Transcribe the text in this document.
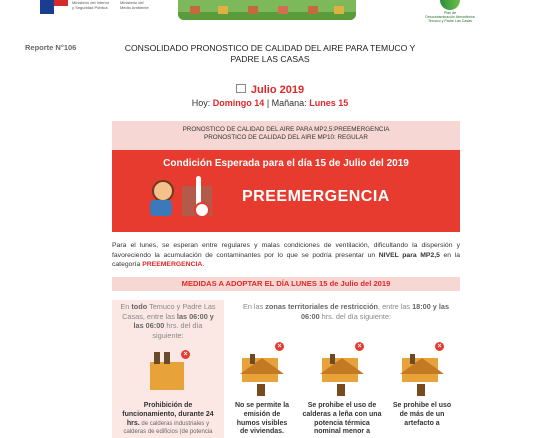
Ministerio del Interior
y Seguridad Pública
Ministerio del
Medio Ambiente
Plan de
Descontaminación Atmosférica
Temuco y Padre Las Casas
Reporte N°106	CONSOLIDADO PRONOSTICO DE CALIDAD DEL AIRE PARA TEMUCO Y PADRE LAS CASAS
Julio 2019
Hoy: Domingo 14 | Mañana: Lunes 15
PRONOSTICO DE CALIDAD DEL AIRE PARA MP2,5:PREEMERGENCIA
PRONOSTICO DE CALIDAD DEL AIRE MP10: REGULAR
Condición Esperada para el día 15 de Julio del 2019
PREEMERGENCIA
Para el lunes, se esperan entre regulares y malas condiciones de ventilación, dificultando la dispersión y favoreciendo la acumulación de contaminantes por lo que se podría presentar un NIVEL para MP2,5 en la categoría PREEMERGENCIA.
MEDIDAS A ADOPTAR EL DÍA LUNES 15 de Julio del 2019
En todo Temuco y Padre Las Casas, entre las las 06:00 y las 06:00 hrs. del día siguiente:
×
Prohibición de funcionamiento, durante 24 hrs. de calderas industriales y calderas de edificios (de potencia
En las zonas territoriales de restricción, entre las 18:00 y las 06:00 hrs. del día siguiente:
×	×	×
No se permite la emisión de humos visibles de viviendas.
Se prohibe el uso de calderas a leña con una potencia térmica nominal menor a
Se prohibe el uso de más de un artefacto a
